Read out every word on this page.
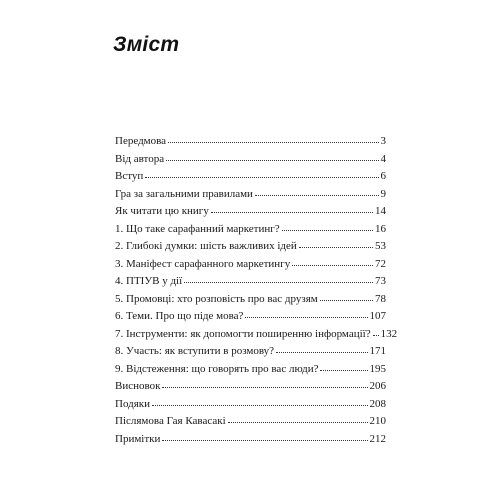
Зміст
Передмова	3
Від автора	4
Вступ	6
Гра за загальними правилами	9
Як читати цю книгу	14
1. Що таке сарафанний маркетинг?	16
2. Глибокі думки: шість важливих ідей	53
3. Маніфест сарафанного маркетингу	72
4. ПТІУВ у дії	73
5. Промовці: хто розповість про вас друзям	78
6. Теми. Про що піде мова?	107
7. Інструменти: як допомогти поширенню інформації? 132
8. Участь: як вступити в розмову?	171
9. Відстеження: що говорять про вас люди?	195
Висновок	206
Подяки	208
Післямова Гая Кавасакі	210
Примітки	212
